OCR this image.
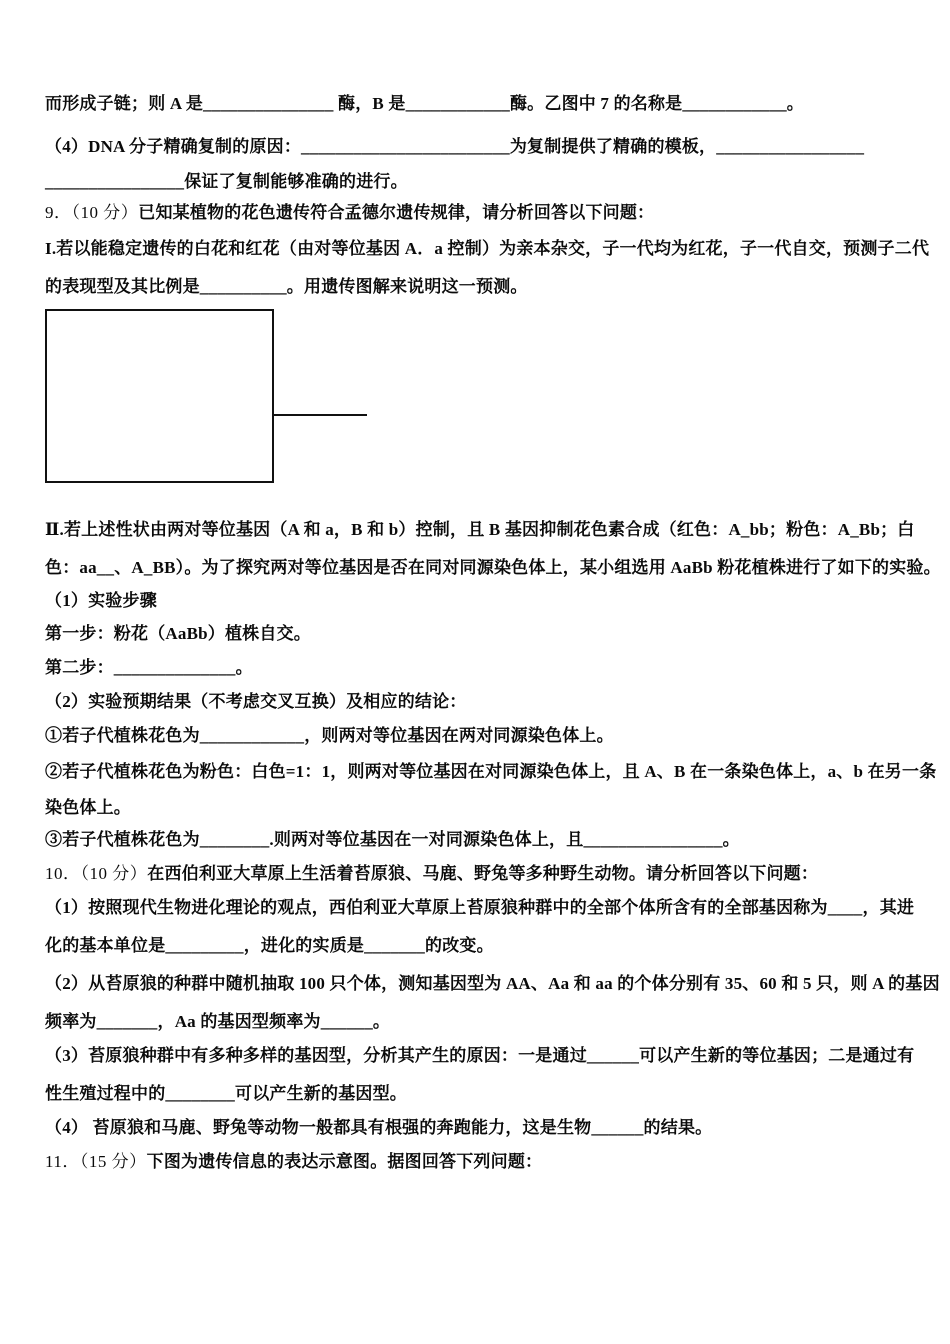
而形成子链；则 A 是_______________ 酶，B 是____________酶。乙图中 7 的名称是____________。
（4）DNA 分子精确复制的原因：________________________为复制提供了精确的模板，_________________
________________保证了复制能够准确的进行。
9．（10 分）已知某植物的花色遗传符合孟德尔遗传规律，请分析回答以下问题：
I.若以能稳定遗传的白花和红花（由对等位基因 A．a 控制）为亲本杂交，子一代均为红花，子一代自交，预测子二代
的表现型及其比例是__________。用遗传图解来说明这一预测。
Ⅱ.若上述性状由两对等位基因（A 和 a，B 和 b）控制，且 B 基因抑制花色素合成（红色：A_bb；粉色：A_Bb；白
色：aa__、A_BB）。为了探究两对等位基因是否在同对同源染色体上，某小组选用 AaBb 粉花植株进行了如下的实验。
（1）实验步骤
第一步：粉花（AaBb）植株自交。
第二步：______________。
（2）实验预期结果（不考虑交叉互换）及相应的结论：
①若子代植株花色为____________，则两对等位基因在两对同源染色体上。
②若子代植株花色为粉色：白色=1：1，则两对等位基因在对同源染色体上，且 A、B 在一条染色体上，a、b 在另一条
染色体上。
③若子代植株花色为________.则两对等位基因在一对同源染色体上，且________________。
10．（10 分）在西伯利亚大草原上生活着苔原狼、马鹿、野兔等多种野生动物。请分析回答以下问题：
（1）按照现代生物进化理论的观点，西伯利亚大草原上苔原狼种群中的全部个体所含有的全部基因称为____，其进
化的基本单位是_________，进化的实质是_______的改变。
（2）从苔原狼的种群中随机抽取 100 只个体，测知基因型为 AA、Aa 和 aa 的个体分别有 35、60 和 5 只，则 A 的基因
频率为_______，Aa 的基因型频率为______。
（3）苔原狼种群中有多种多样的基因型，分析其产生的原因：一是通过______可以产生新的等位基因；二是通过有
性生殖过程中的________可以产生新的基因型。
（4） 苔原狼和马鹿、野兔等动物一般都具有根强的奔跑能力，这是生物______的结果。
11．（15 分）下图为遗传信息的表达示意图。据图回答下列问题：
